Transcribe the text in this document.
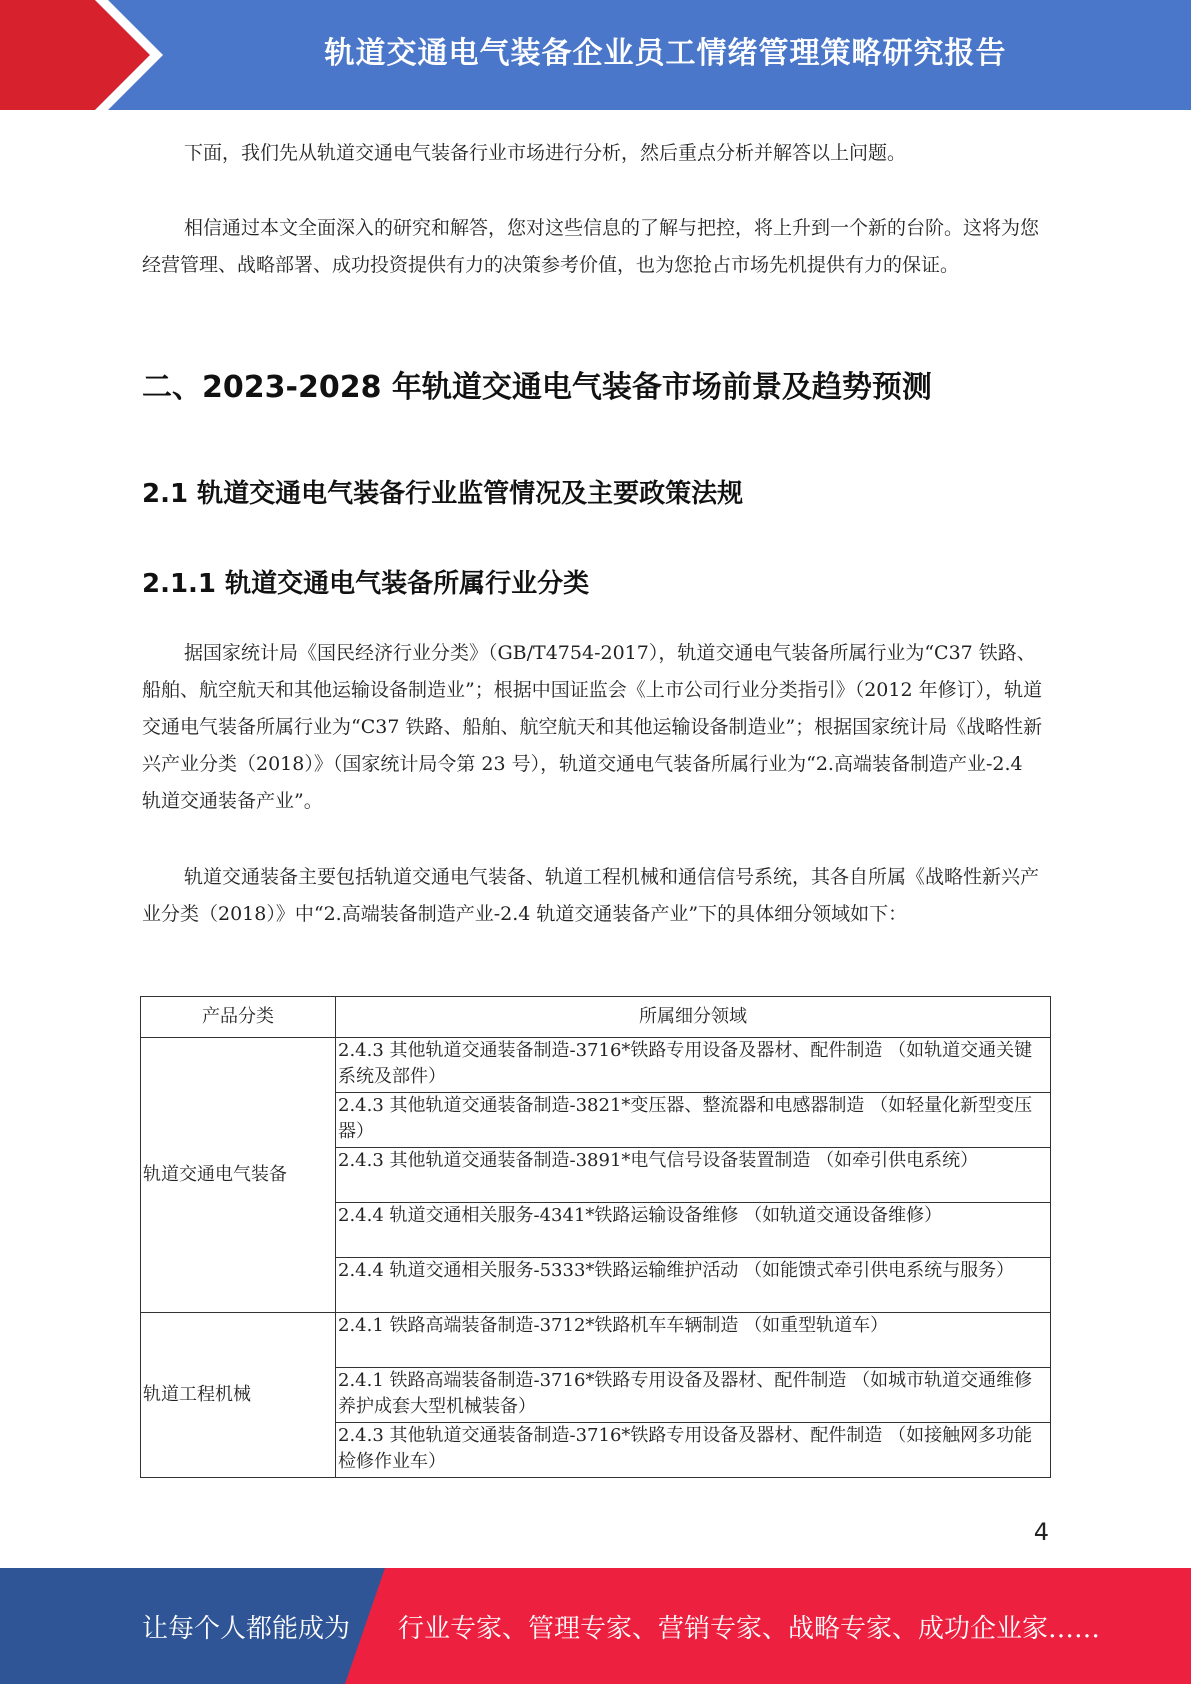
轨道交通电气装备企业员工情绪管理策略研究报告

下面，我们先从轨道交通电气装备行业市场进行分析，然后重点分析并解答以上问题。

相信通过本文全面深入的研究和解答，您对这些信息的了解与把控，将上升到一个新的台阶。这将为您经营管理、战略部署、成功投资提供有力的决策参考价值，也为您抢占市场先机提供有力的保证。

二、2023-2028 年轨道交通电气装备市场前景及趋势预测
2.1 轨道交通电气装备行业监管情况及主要政策法规
2.1.1 轨道交通电气装备所属行业分类

据国家统计局《国民经济行业分类》（GB/T4754-2017），轨道交通电气装备所属行业为“C37 铁路、船舶、航空航天和其他运输设备制造业”；根据中国证监会《上市公司行业分类指引》（2012 年修订），轨道交通电气装备所属行业为“C37 铁路、船舶、航空航天和其他运输设备制造业”；根据国家统计局《战略性新兴产业分类（2018）》（国家统计局令第 23 号），轨道交通电气装备所属行业为“2.高端装备制造产业-2.4 轨道交通装备产业”。

轨道交通装备主要包括轨道交通电气装备、轨道工程机械和通信信号系统，其各自所属《战略性新兴产业分类（2018）》中“2.高端装备制造产业-2.4 轨道交通装备产业”下的具体细分领域如下：

产品分类	所属细分领域
轨道交通电气装备	2.4.3 其他轨道交通装备制造-3716*铁路专用设备及器材、配件制造 （如轨道交通关键系统及部件）
	2.4.3 其他轨道交通装备制造-3821*变压器、整流器和电感器制造 （如轻量化新型变压器）
	2.4.3 其他轨道交通装备制造-3891*电气信号设备装置制造 （如牵引供电系统）
	2.4.4 轨道交通相关服务-4341*铁路运输设备维修 （如轨道交通设备维修）
	2.4.4 轨道交通相关服务-5333*铁路运输维护活动 （如能馈式牵引供电系统与服务）
轨道工程机械	2.4.1 铁路高端装备制造-3712*铁路机车车辆制造 （如重型轨道车）
	2.4.1 铁路高端装备制造-3716*铁路专用设备及器材、配件制造 （如城市轨道交通维修养护成套大型机械装备）
	2.4.3 其他轨道交通装备制造-3716*铁路专用设备及器材、配件制造 （如接触网多功能检修作业车）
4
让每个人都能成为 行业专家、管理专家、营销专家、战略专家、成功企业家……
